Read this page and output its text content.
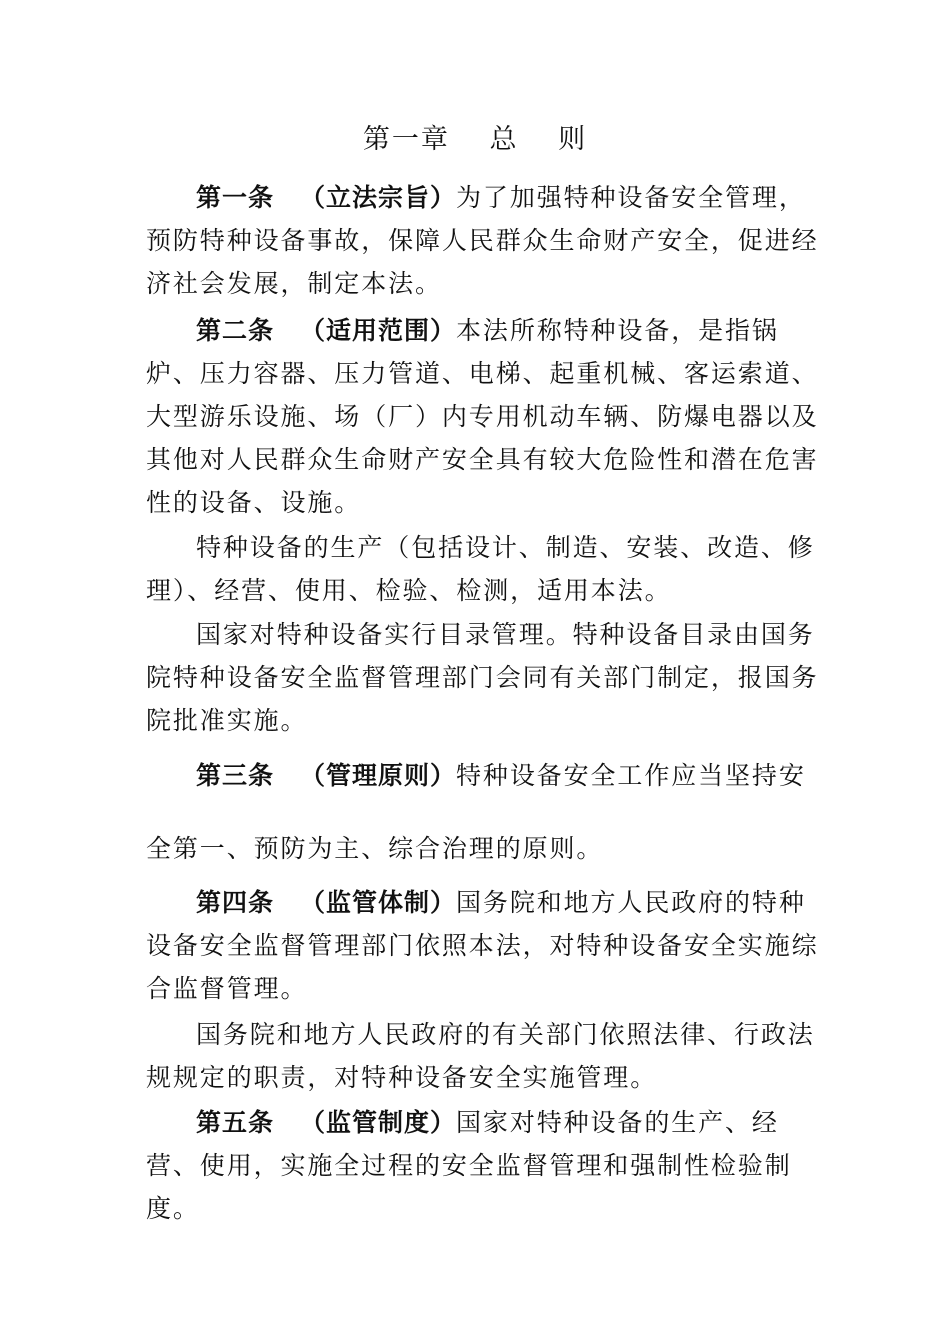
第一章　 总　 则

第一条 （立法宗旨）为了加强特种设备安全管理，预防特种设备事故，保障人民群众生命财产安全，促进经济社会发展，制定本法。

第二条 （适用范围）本法所称特种设备，是指锅炉、压力容器、压力管道、电梯、起重机械、客运索道、大型游乐设施、场（厂）内专用机动车辆、防爆电器以及其他对人民群众生命财产安全具有较大危险性和潜在危害性的设备、设施。

特种设备的生产（包括设计、制造、安装、改造、修理）、经营、使用、检验、检测，适用本法。

国家对特种设备实行目录管理。特种设备目录由国务院特种设备安全监督管理部门会同有关部门制定，报国务院批准实施。

第三条 （管理原则）特种设备安全工作应当坚持安

全第一、预防为主、综合治理的原则。

第四条 （监管体制）国务院和地方人民政府的特种设备安全监督管理部门依照本法，对特种设备安全实施综合监督管理。

国务院和地方人民政府的有关部门依照法律、行政法规规定的职责，对特种设备安全实施管理。

第五条 （监管制度）国家对特种设备的生产、经营、使用，实施全过程的安全监督管理和强制性检验制度。
